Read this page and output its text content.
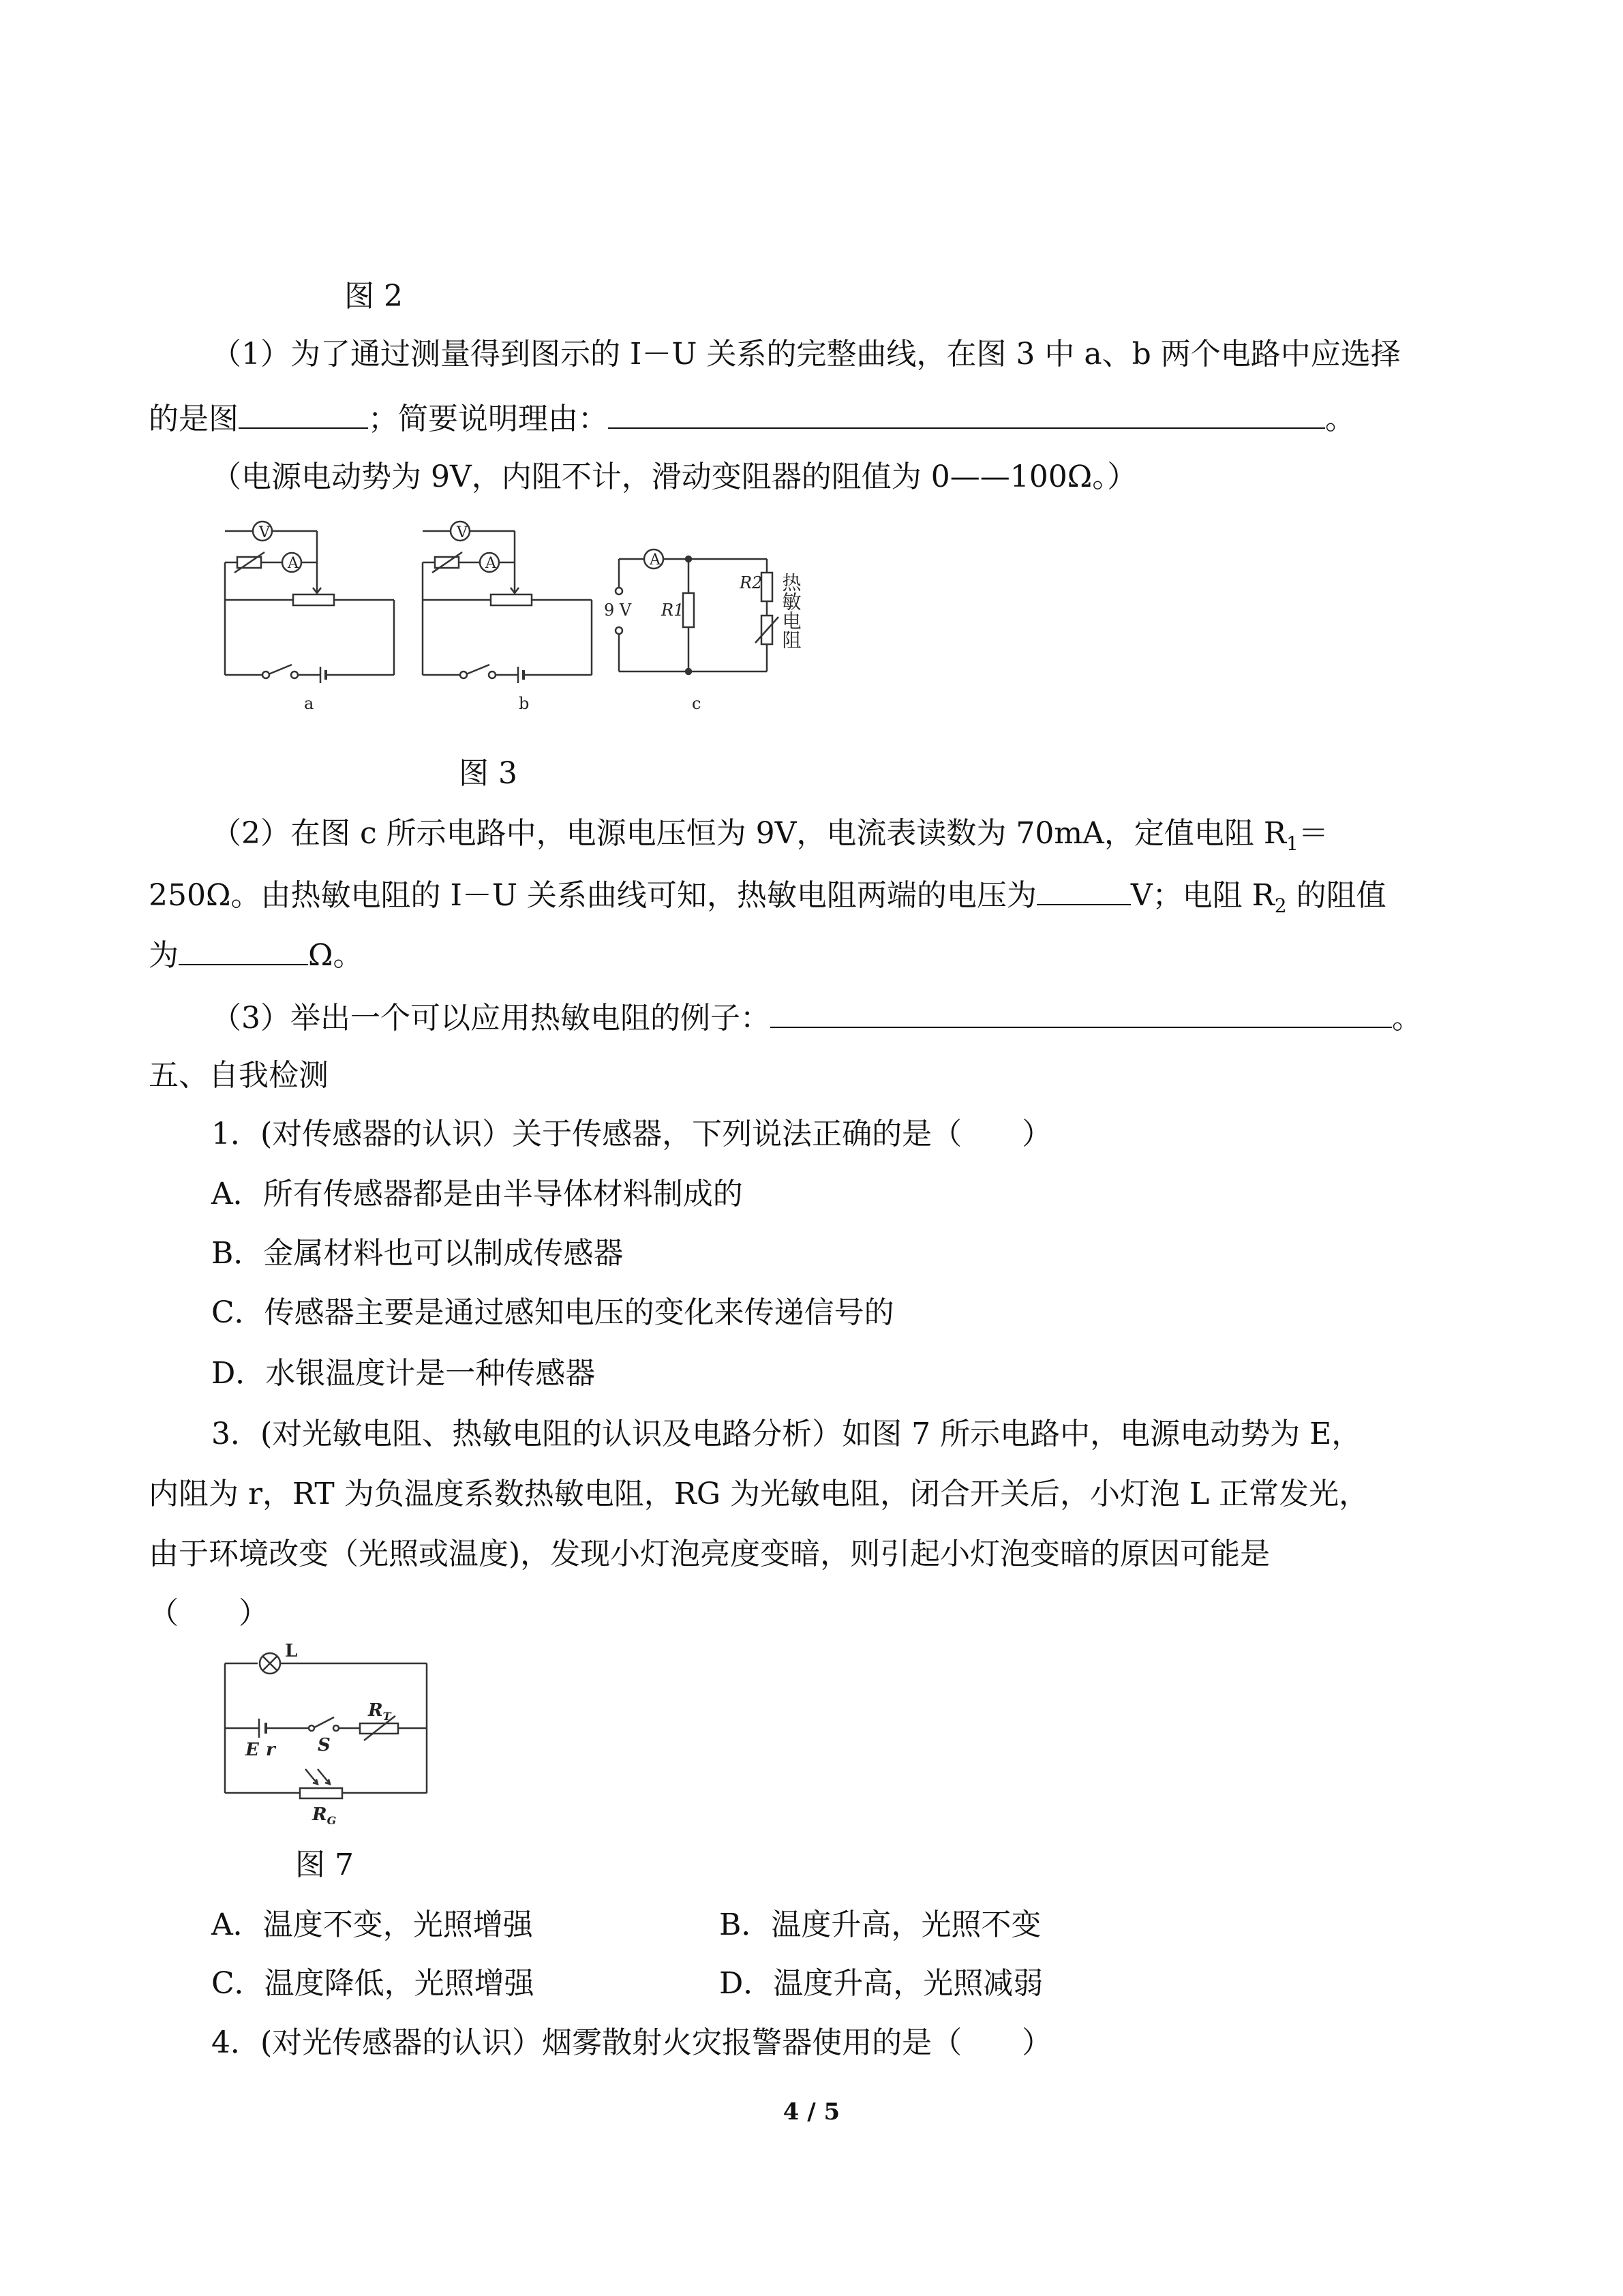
图 2
（1）为了通过测量得到图示的 I－U 关系的完整曲线，在图 3 中 a、b 两个电路中应选择
的是图	；简要说明理由：	。
（电源电动势为 9V，内阻不计，滑动变阻器的阻值为 0——100Ω。）
V
A
V
A	A
9 V R1
R2 热敏电阻
a	b	c
图 3
（2）在图 c 所示电路中，电源电压恒为 9V，电流表读数为 70mA，定值电阻 $R_1=$
250Ω。由热敏电阻的 I－U 关系曲线可知，热敏电阻两端的电压为	V；电阻 $R_2$ 的阻值
为	Ω。
（3）举出一个可以应用热敏电阻的例子：	。
五、自我检测
1．(对传感器的认识）关于传感器，下列说法正确的是（　　）
A．所有传感器都是由半导体材料制成的
B．金属材料也可以制成传感器
C．传感器主要是通过感知电压的变化来传递信号的
D．水银温度计是一种传感器
3．(对光敏电阻、热敏电阻的认识及电路分析）如图 7 所示电路中，电源电动势为 E，
内阻为 r，RT 为负温度系数热敏电阻，RG 为光敏电阻，闭合开关后，小灯泡 L 正常发光，
由于环境改变（光照或温度)，发现小灯泡亮度变暗，则引起小灯泡变暗的原因可能是
（　　）
L
$R_T$
E r S
$R_G$
图 7
A．温度不变，光照增强	B．温度升高，光照不变
C．温度降低，光照增强	D．温度升高，光照减弱
4．(对光传感器的认识）烟雾散射火灾报警器使用的是（　　）
4 / 5
